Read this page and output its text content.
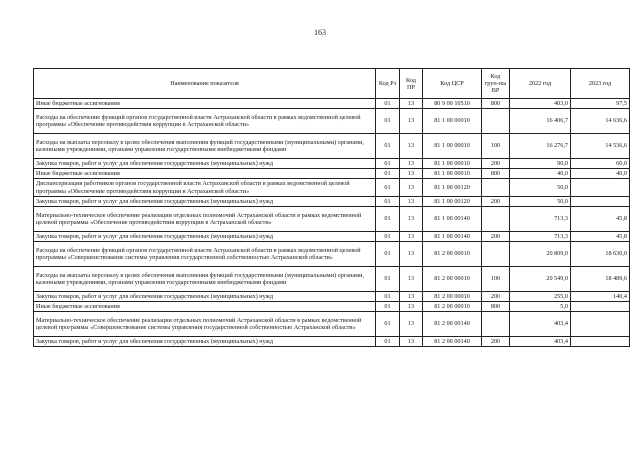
163
Наименование показателя	Код Рз	Код ПР	Код ЦСР	Код груп-пы ВР	2022 год	2023 год
Иные бюджетные ассигнования	01	13	80 9 00 10510	800	403,0	97,5
Расходы на обеспечение функций органов государственной власти Астраханской области в рамках ведомственной целевой программы «Обеспечение противодействия коррупции в Астраханской области»	01	13	81 1 00 00010		16 406,7	14 636,6
Расходы на выплаты персоналу в целях обеспечения выполнения функций государственными (муниципальными) органами, казенными учреждениями, органами управления государственными внебюджетными фондами	01	13	81 1 00 00010	100	16 276,7	14 536,6
Закупка товаров, работ и услуг для обеспечения государственных (муниципальных) нужд	01	13	81 1 00 00010	200	90,0	60,0
Иные бюджетные ассигнования	01	13	81 1 00 00010	800	40,0	40,0
Диспансеризация работников органов государственной власти Астраханской области в рамках ведомственной целевой программы «Обеспечение противодействия коррупции в Астраханской области»	01	13	81 1 00 00120		50,0	
Закупка товаров, работ и услуг для обеспечения государственных (муниципальных) нужд	01	13	81 1 00 00120	200	50,0	
Материально-техническое обеспечение реализации отдельных полномочий Астраханской области в рамках ведомственной целевой программы «Обеспечение противодействия коррупции в Астраханской области»	01	13	81 1 00 00140		713,3	45,8
Закупка товаров, работ и услуг для обеспечения государственных (муниципальных) нужд	01	13	81 1 00 00140	200	713,3	45,8
Расходы на обеспечение функций органов государственной власти Астраханской области в рамках ведомственной целевой программы «Совершенствование системы управления государственной собственностью Астраханской области»	01	13	81 2 00 00010		20 809,0	18 630,0
Расходы на выплаты персоналу в целях обеспечения выполнения функций государственными (муниципальными) органами, казенными учреждениями, органами управления государственными внебюджетными фондами	01	13	81 2 00 00010	100	20 549,0	18 489,6
Закупка товаров, работ и услуг для обеспечения государственных (муниципальных) нужд	01	13	81 2 00 00010	200	255,0	140,4
Иные бюджетные ассигнования	01	13	81 2 00 00010	800	5,0	
Материально-техническое обеспечение реализации отдельных полномочий Астраханской области в рамках ведомственной целевой программы «Совершенствование системы управления государственной собственностью Астраханской области»	01	13	81 2 00 00140		403,4	
Закупка товаров, работ и услуг для обеспечения государственных (муниципальных) нужд	01	13	81 2 00 00140	200	403,4	
